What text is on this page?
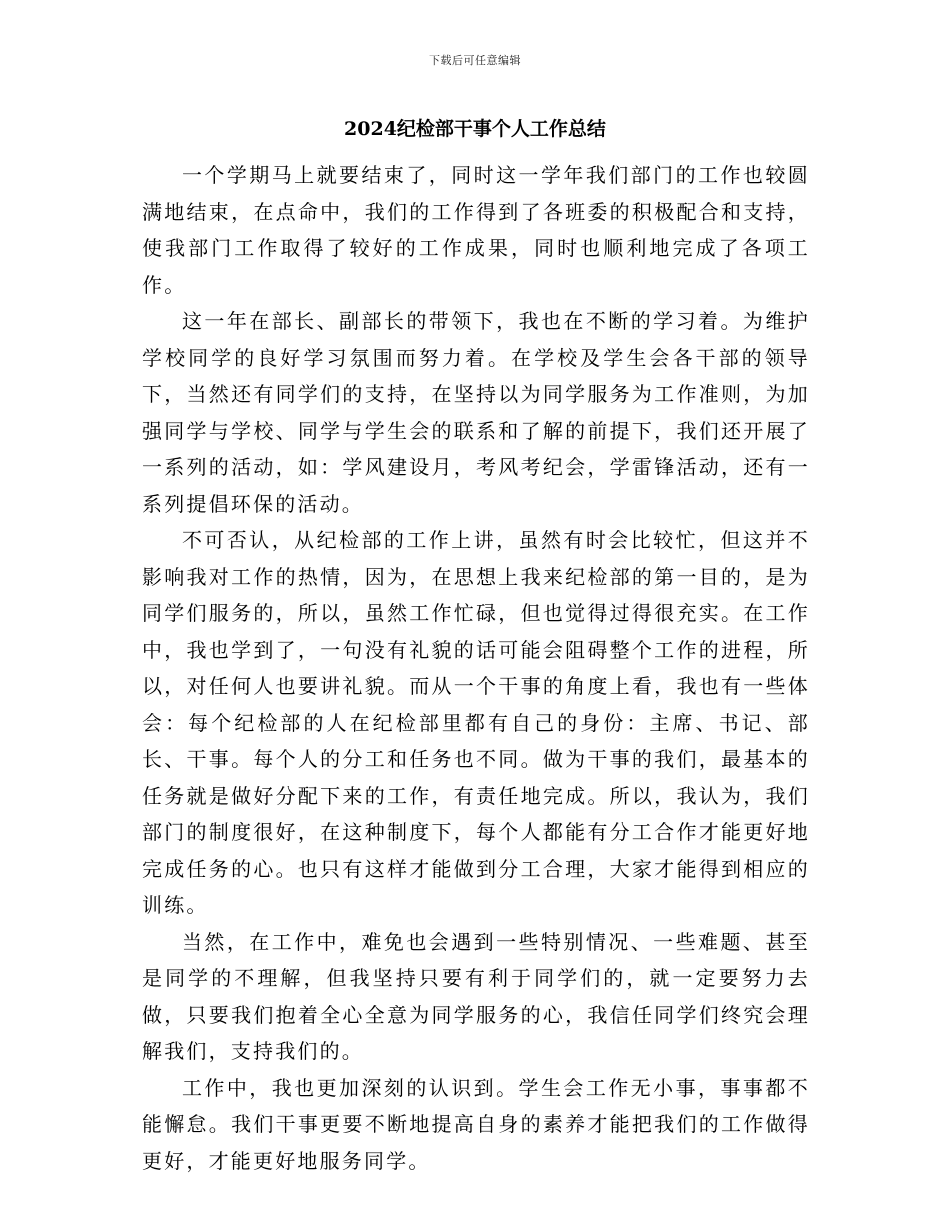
下载后可任意编辑
2024纪检部干事个人工作总结

一个学期马上就要结束了，同时这一学年我们部门的工作也较圆满地结束，在点命中，我们的工作得到了各班委的积极配合和支持，使我部门工作取得了较好的工作成果，同时也顺利地完成了各项工作。

这一年在部长、副部长的带领下，我也在不断的学习着。为维护学校同学的良好学习氛围而努力着。在学校及学生会各干部的领导下，当然还有同学们的支持，在坚持以为同学服务为工作准则，为加强同学与学校、同学与学生会的联系和了解的前提下，我们还开展了一系列的活动，如：学风建设月，考风考纪会，学雷锋活动，还有一系列提倡环保的活动。

不可否认，从纪检部的工作上讲，虽然有时会比较忙，但这并不影响我对工作的热情，因为，在思想上我来纪检部的第一目的，是为同学们服务的，所以，虽然工作忙碌，但也觉得过得很充实。在工作中，我也学到了，一句没有礼貌的话可能会阻碍整个工作的进程，所以，对任何人也要讲礼貌。而从一个干事的角度上看，我也有一些体会：每个纪检部的人在纪检部里都有自己的身份：主席、书记、部长、干事。每个人的分工和任务也不同。做为干事的我们，最基本的任务就是做好分配下来的工作，有责任地完成。所以，我认为，我们部门的制度很好，在这种制度下，每个人都能有分工合作才能更好地完成任务的心。也只有这样才能做到分工合理，大家才能得到相应的训练。

当然，在工作中，难免也会遇到一些特别情况、一些难题、甚至是同学的不理解，但我坚持只要有利于同学们的，就一定要努力去做，只要我们抱着全心全意为同学服务的心，我信任同学们终究会理解我们，支持我们的。

工作中，我也更加深刻的认识到。学生会工作无小事，事事都不能懈怠。我们干事更要不断地提高自身的素养才能把我们的工作做得更好，才能更好地服务同学。
